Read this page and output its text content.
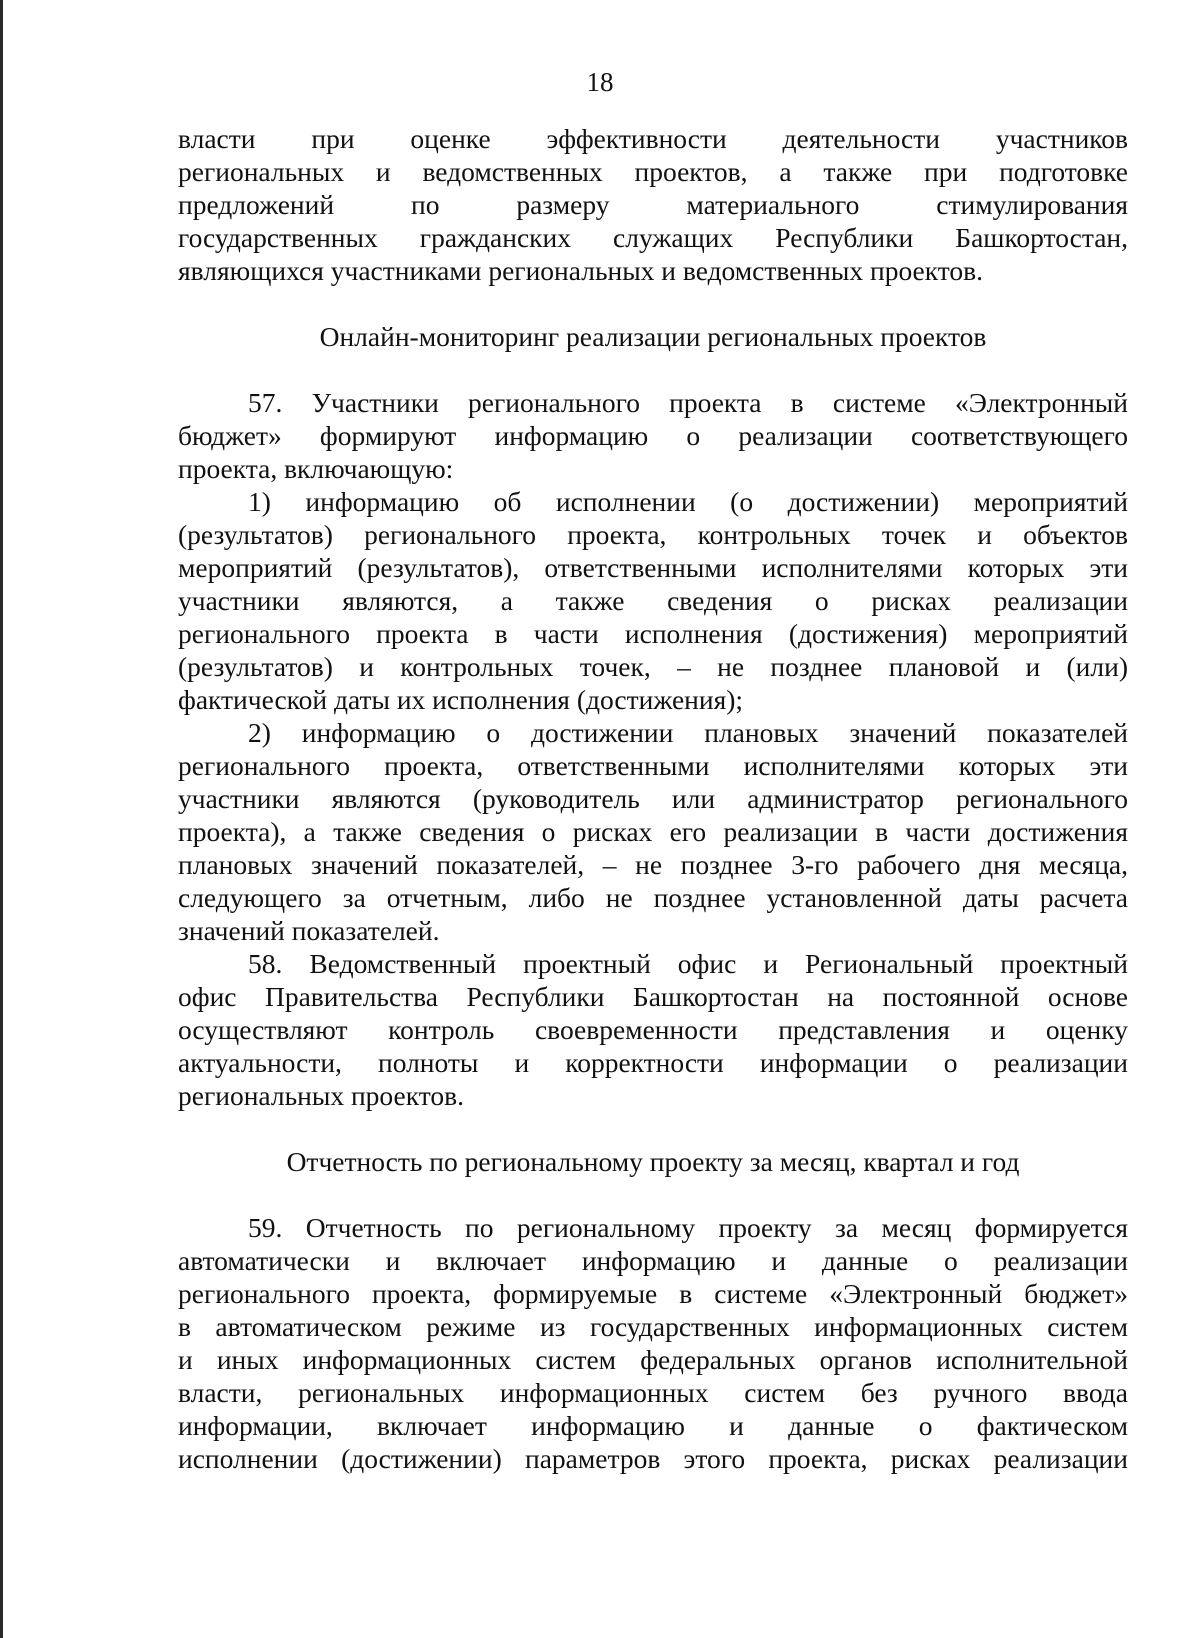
18

власти при оценке эффективности деятельности участников
региональных и ведомственных проектов, а также при подготовке
предложений по размеру материального стимулирования
государственных гражданских служащих Республики Башкортостан,
являющихся участниками региональных и ведомственных проектов.

Онлайн-мониторинг реализации региональных проектов

57. Участники регионального проекта в системе «Электронный
бюджет» формируют информацию о реализации соответствующего
проекта, включающую:

1) информацию об исполнении (о достижении) мероприятий
(результатов) регионального проекта, контрольных точек и объектов
мероприятий (результатов), ответственными исполнителями которых эти
участники являются, а также сведения о рисках реализации
регионального проекта в части исполнения (достижения) мероприятий
(результатов) и контрольных точек, – не позднее плановой и (или)
фактической даты их исполнения (достижения);

2) информацию о достижении плановых значений показателей
регионального проекта, ответственными исполнителями которых эти
участники являются (руководитель или администратор регионального
проекта), а также сведения о рисках его реализации в части достижения
плановых значений показателей, – не позднее 3-го рабочего дня месяца,
следующего за отчетным, либо не позднее установленной даты расчета
значений показателей.

58. Ведомственный проектный офис и Региональный проектный
офис Правительства Республики Башкортостан на постоянной основе
осуществляют контроль своевременности представления и оценку
актуальности, полноты и корректности информации о реализации
региональных проектов.

Отчетность по региональному проекту за месяц, квартал и год

59. Отчетность по региональному проекту за месяц формируется
автоматически и включает информацию и данные о реализации
регионального проекта, формируемые в системе «Электронный бюджет»
в автоматическом режиме из государственных информационных систем
и иных информационных систем федеральных органов исполнительной
власти, региональных информационных систем без ручного ввода
информации, включает информацию и данные о фактическом
исполнении (достижении) параметров этого проекта, рисках реализации
